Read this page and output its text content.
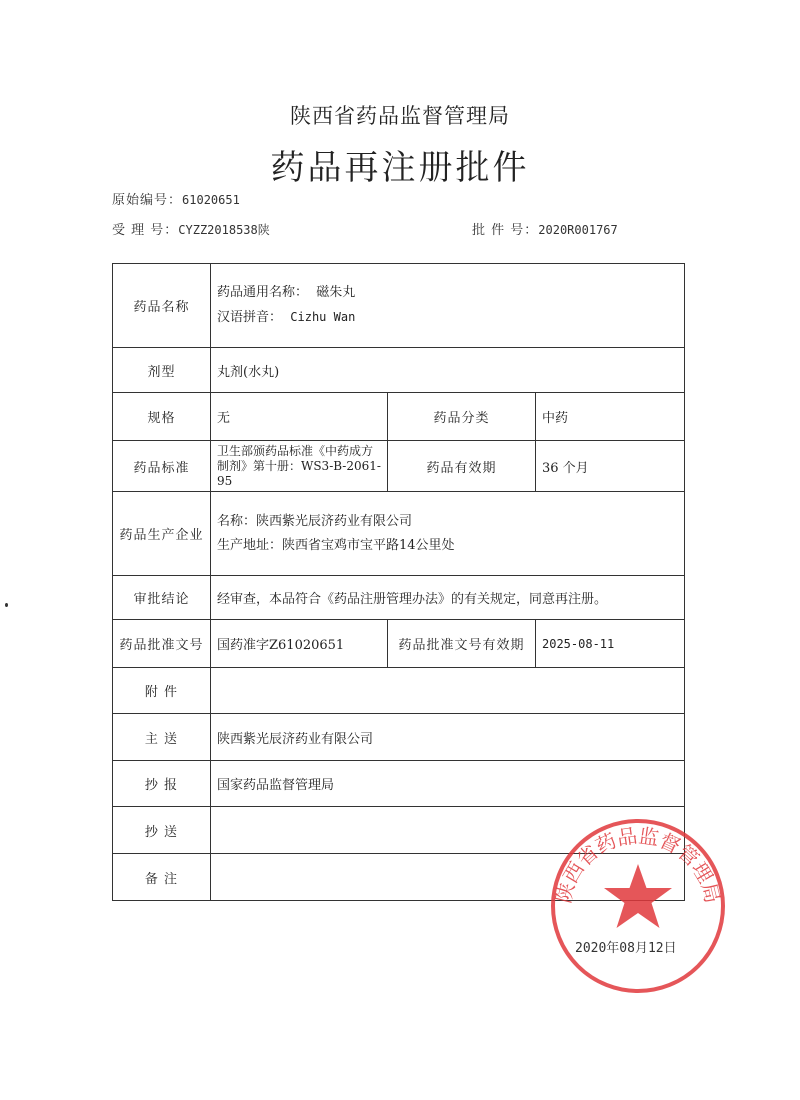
陕西省药品监督管理局
药品再注册批件
原始编号：61020651
受 理 号：CYZZ2018538陕	批 件 号：2020R001767
药品名称	药品通用名称： 磁朱丸
汉语拼音： Cizhu Wan		

剂型	丸剂(水丸)		
规格	无	药品分类	中药
药品标准	卫生部颁药品标准《中药成方制剂》第十册：WS3-B-2061-95	药品有效期	36 个月
药品生产企业	名称：陕西紫光辰济药业有限公司
生产地址：陕西省宝鸡市宝平路14公里处		

审批结论	经审查，本品符合《药品注册管理办法》的有关规定，同意再注册。		
药品批准文号	国药准字Z61020651	药品批准文号有效期	2025-08-11
附 件			
主 送	陕西紫光辰济药业有限公司		
抄 报	国家药品监督管理局		
抄 送			
备 注			
陕西省药品监督管理局
2020年08月12日
